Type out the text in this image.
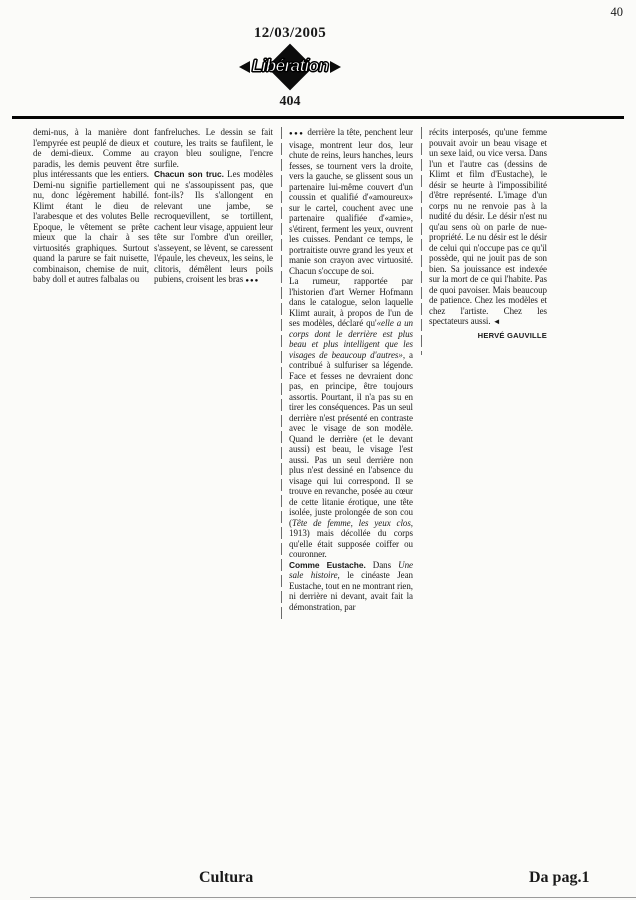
40
12/03/2005
Libération
404

demi-nus, à la manière dont l'empyrée est peuplé de dieux et de demi-dieux. Comme au paradis, les demis peuvent être plus intéressants que les entiers. Demi-nu signifie partiellement nu, donc légèrement habillé. Klimt étant le dieu de l'arabesque et des volutes Belle Epoque, le vêtement se prête mieux que la chair à ses virtuosités graphiques. Surtout quand la parure se fait nuisette, combinaison, chemise de nuit, baby doll et autres falbalas ou

fanfreluches. Le dessin se fait couture, les traits se faufilent, le crayon bleu souligne, l'encre surfile.

Chacun son truc. Les modèles qui ne s'assoupissent pas, que font-ils? Ils s'allongent en relevant une jambe, se recroquevillent, se tortillent, cachent leur visage, appuient leur tête sur l'ombre d'un oreiller, s'asseyent, se lèvent, se caressent l'épaule, les cheveux, les seins, le clitoris, démêlent leurs poils pubiens, croisent les bras ●●●

●●● derrière la tête, penchent leur visage, montrent leur dos, leur chute de reins, leurs hanches, leurs fesses, se tournent vers la droite, vers la gauche, se glissent sous un partenaire lui-même couvert d'un coussin et qualifié d'«amoureux» sur le cartel, couchent avec une partenaire qualifiée d'«amie», s'étirent, ferment les yeux, ouvrent les cuisses. Pendant ce temps, le portraitiste ouvre grand les yeux et manie son crayon avec virtuosité. Chacun s'occupe de soi.

La rumeur, rapportée par l'historien d'art Werner Hofmann dans le catalogue, selon laquelle Klimt aurait, à propos de l'un de ses modèles, déclaré qu'«elle a un corps dont le derrière est plus beau et plus intelligent que les visages de beaucoup d'autres», a contribué à sulfuriser sa légende. Face et fesses ne devraient donc pas, en principe, être toujours assortis. Pourtant, il n'a pas su en tirer les conséquences. Pas un seul derrière n'est présenté en contraste avec le visage de son modèle. Quand le derrière (et le devant aussi) est beau, le visage l'est aussi. Pas un seul derrière non plus n'est dessiné en l'absence du visage qui lui correspond. Il se trouve en revanche, posée au cœur de cette litanie érotique, une tête isolée, juste prolongée de son cou (Tête de femme, les yeux clos, 1913) mais décollée du corps qu'elle était supposée coiffer ou couronner.

Comme Eustache. Dans Une sale histoire, le cinéaste Jean Eustache, tout en ne montrant rien, ni derrière ni devant, avait fait la démonstration, par

récits interposés, qu'une femme pouvait avoir un beau visage et un sexe laid, ou vice versa. Dans l'un et l'autre cas (dessins de Klimt et film d'Eustache), le désir se heurte à l'impossibilité d'être représenté. L'image d'un corps nu ne renvoie pas à la nudité du désir. Le désir n'est nu qu'au sens où on parle de nue-propriété. Le nu désir est le désir de celui qui n'occupe pas ce qu'il possède, qui ne jouit pas de son bien. Sa jouissance est indexée sur la mort de ce qui l'habite. Pas de quoi pavoiser. Mais beaucoup de patience. Chez les modèles et chez l'artiste. Chez les spectateurs aussi. ◄

HERVÉ GAUVILLE
Cultura	Da pag.1
